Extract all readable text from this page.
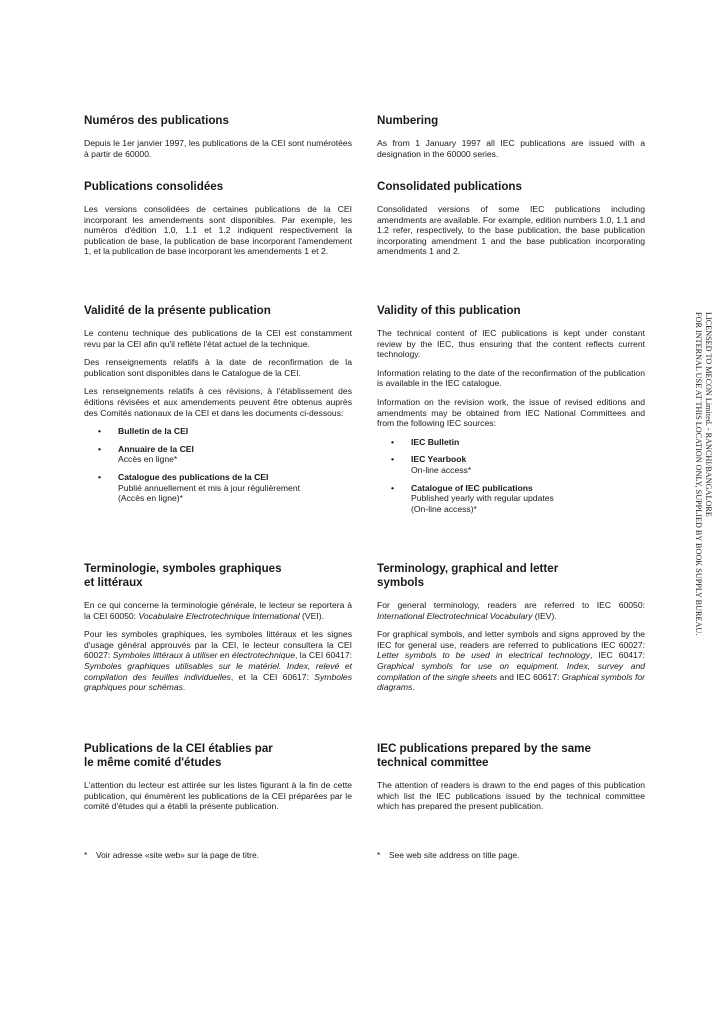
Numéros des publications

Depuis le 1er janvier 1997, les publications de la CEI sont numérotées à partir de 60000.

Publications consolidées

Les versions consolidées de certaines publications de la CEI incorporant les amendements sont disponibles. Par exemple, les numéros d'édition 1.0, 1.1 et 1.2 indiquent respectivement la publication de base, la publication de base incorporant l'amendement 1, et la publication de base incorporant les amendements 1 et 2.

Validité de la présente publication

Le contenu technique des publications de la CEI est constamment revu par la CEI afin qu'il reflète l'état actuel de la technique.

Des renseignements relatifs à la date de reconfirmation de la publication sont disponibles dans le Catalogue de la CEI.

Les renseignements relatifs à ces révisions, à l'établissement des éditions révisées et aux amendements peuvent être obtenus auprès des Comités nationaux de la CEI et dans les documents ci-dessous:

• Bulletin de la CEI
• Annuaire de la CEI
Accès en ligne*
• Catalogue des publications de la CEI
Publié annuellement et mis à jour régulièrement
(Accès en ligne)*
Terminologie, symboles graphiques
et littéraux

En ce qui concerne la terminologie générale, le lecteur se reportera à la CEI 60050: Vocabulaire Electrotechnique International (VEI).

Pour les symboles graphiques, les symboles littéraux et les signes d'usage général approuvés par la CEI, le lecteur consultera la CEI 60027: Symboles littéraux à utiliser en électrotechnique, la CEI 60417: Symboles graphiques utilisables sur le matériel. Index, relevé et compilation des feuilles individuelles, et la CEI 60617: Symboles graphiques pour schémas.

Publications de la CEI établies par
le même comité d'études

L'attention du lecteur est attirée sur les listes figurant à la fin de cette publication, qui énumèrent les publications de la CEI préparées par le comité d'études qui a établi la présente publication.

* Voir adresse «site web» sur la page de titre.
Numbering

As from 1 January 1997 all IEC publications are issued with a designation in the 60000 series.

Consolidated publications

Consolidated versions of some IEC publications including amendments are available. For example, edition numbers 1.0, 1.1 and 1.2 refer, respectively, to the base publication, the base publication incorporating amendment 1 and the base publication incorporating amendments 1 and 2.

Validity of this publication

The technical content of IEC publications is kept under constant review by the IEC, thus ensuring that the content reflects current technology.

Information relating to the date of the reconfirmation of the publication is available in the IEC catalogue.

Information on the revision work, the issue of revised editions and amendments may be obtained from IEC National Committees and from the following IEC sources:

• IEC Bulletin
• IEC Yearbook
On-line access*
• Catalogue of IEC publications
Published yearly with regular updates
(On-line access)*
Terminology, graphical and letter
symbols

For general terminology, readers are referred to IEC 60050: International Electrotechnical Vocabulary (IEV).

For graphical symbols, and letter symbols and signs approved by the IEC for general use, readers are referred to publications IEC 60027: Letter symbols to be used in electrical technology, IEC 60417: Graphical symbols for use on equipment. Index, survey and compilation of the single sheets and IEC 60617: Graphical symbols for diagrams.

IEC publications prepared by the same
technical committee

The attention of readers is drawn to the end pages of this publication which list the IEC publications issued by the technical committee which has prepared the present publication.

* See web site address on title page.
LICENSED TO MECON Limited. - RANCHI/BANGALORE
FOR INTERNAL USE AT THIS LOCATION ONLY, SUPPLIED BY BOOK SUPPLY BUREAU.
